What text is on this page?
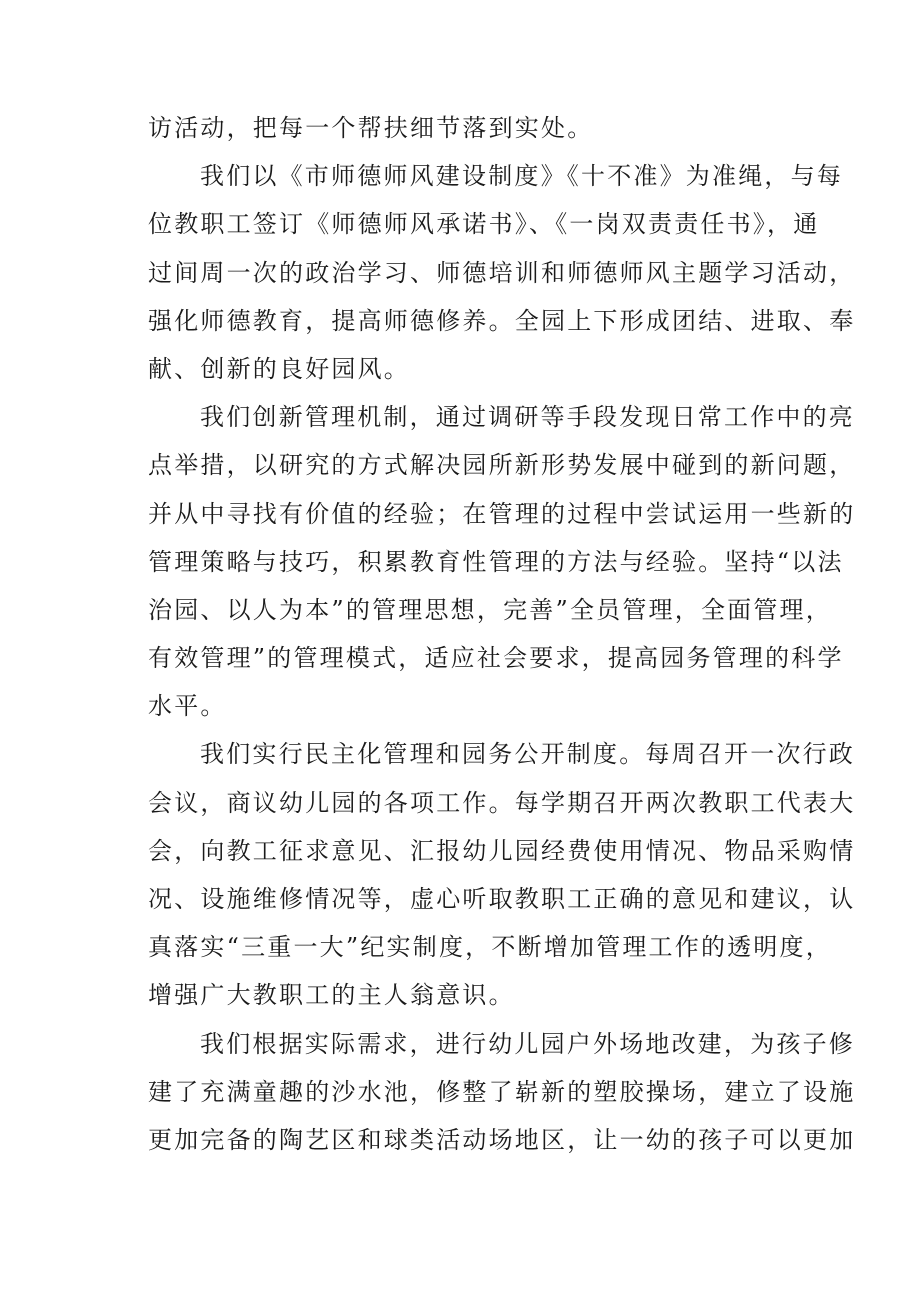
访活动，把每一个帮扶细节落到实处。
我们以《市师德师风建设制度》《十不准》为准绳，与每
位教职工签订《师德师风承诺书》、《一岗双责责任书》，通
过间周一次的政治学习、师德培训和师德师风主题学习活动，
强化师德教育，提高师德修养。全园上下形成团结、进取、奉
献、创新的良好园风。
我们创新管理机制，通过调研等手段发现日常工作中的亮
点举措，以研究的方式解决园所新形势发展中碰到的新问题，
并从中寻找有价值的经验；在管理的过程中尝试运用一些新的
管理策略与技巧，积累教育性管理的方法与经验。坚持“以法
治园、以人为本”的管理思想，完善”全员管理，全面管理，
有效管理”的管理模式，适应社会要求，提高园务管理的科学
水平。
我们实行民主化管理和园务公开制度。每周召开一次行政
会议，商议幼儿园的各项工作。每学期召开两次教职工代表大
会，向教工征求意见、汇报幼儿园经费使用情况、物品采购情
况、设施维修情况等，虚心听取教职工正确的意见和建议，认
真落实“三重一大”纪实制度，不断增加管理工作的透明度，
增强广大教职工的主人翁意识。
我们根据实际需求，进行幼儿园户外场地改建，为孩子修
建了充满童趣的沙水池，修整了崭新的塑胶操场，建立了设施
更加完备的陶艺区和球类活动场地区，让一幼的孩子可以更加
